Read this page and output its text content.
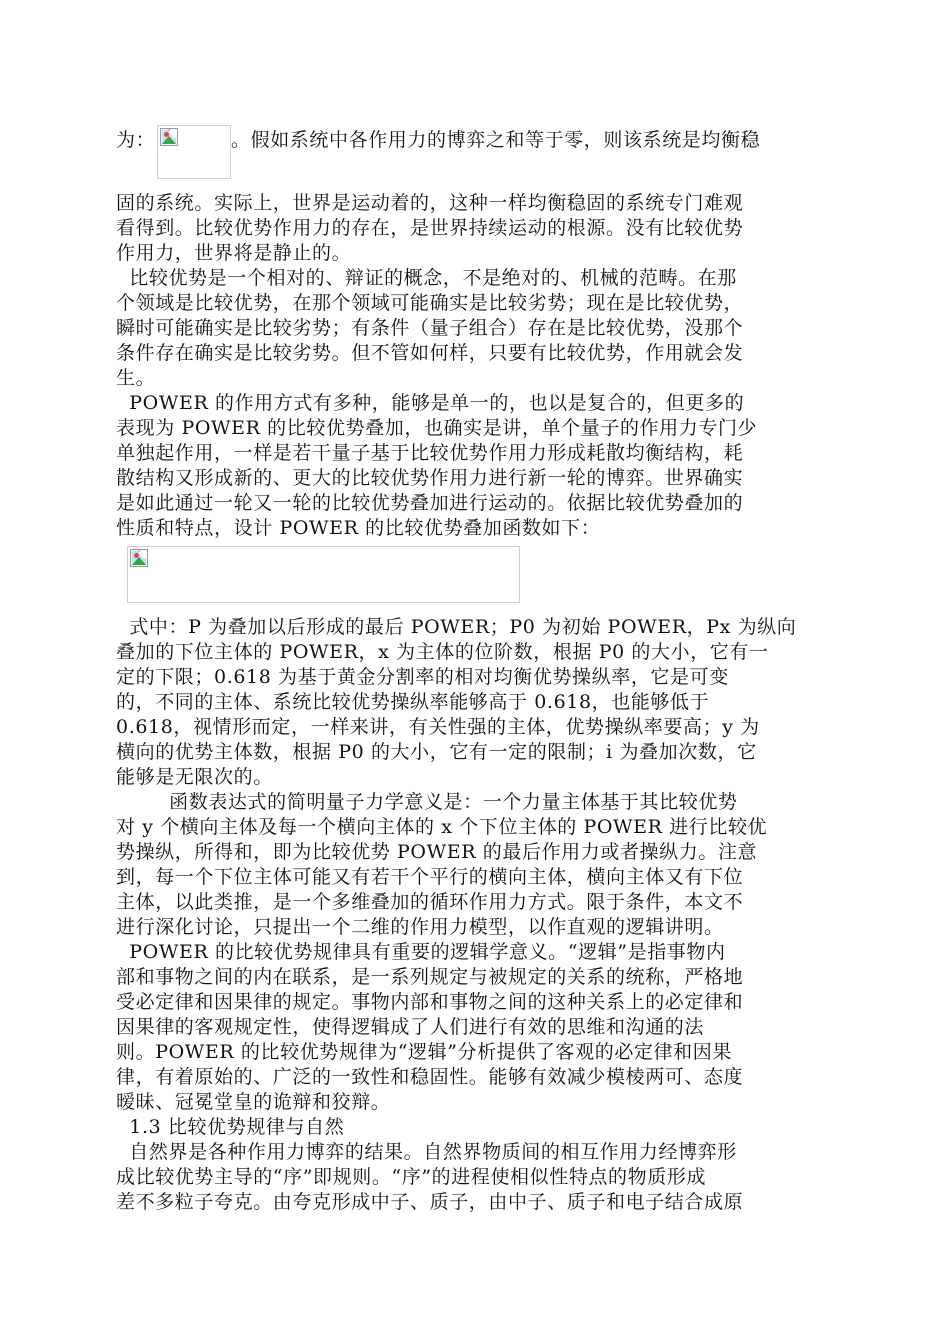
为：	。假如系统中各作用力的博弈之和等于零，则该系统是均衡稳
固的系统。实际上，世界是运动着的，这种一样均衡稳固的系统专门难观
看得到。比较优势作用力的存在，是世界持续运动的根源。没有比较优势
作用力，世界将是静止的。
比较优势是一个相对的、辩证的概念，不是绝对的、机械的范畴。在那
个领域是比较优势，在那个领域可能确实是比较劣势；现在是比较优势，
瞬时可能确实是比较劣势；有条件（量子组合）存在是比较优势，没那个
条件存在确实是比较劣势。但不管如何样，只要有比较优势，作用就会发
生。
POWER 的作用方式有多种，能够是单一的，也以是复合的，但更多的
表现为 POWER 的比较优势叠加，也确实是讲，单个量子的作用力专门少
单独起作用，一样是若干量子基于比较优势作用力形成耗散均衡结构，耗
散结构又形成新的、更大的比较优势作用力进行新一轮的博弈。世界确实
是如此通过一轮又一轮的比较优势叠加进行运动的。依据比较优势叠加的
性质和特点，设计 POWER 的比较优势叠加函数如下：
式中：P 为叠加以后形成的最后 POWER；P0 为初始 POWER，Px 为纵向
叠加的下位主体的 POWER，x 为主体的位阶数，根据 P0 的大小，它有一
定的下限；0.618 为基于黄金分割率的相对均衡优势操纵率，它是可变
的，不同的主体、系统比较优势操纵率能够高于 0.618，也能够低于
0.618，视情形而定，一样来讲，有关性强的主体，优势操纵率要高；y 为
横向的优势主体数，根据 P0 的大小，它有一定的限制；i 为叠加次数，它
能够是无限次的。
函数表达式的简明量子力学意义是：一个力量主体基于其比较优势
对 y 个横向主体及每一个横向主体的 x 个下位主体的 POWER 进行比较优
势操纵，所得和，即为比较优势 POWER 的最后作用力或者操纵力。注意
到，每一个下位主体可能又有若干个平行的横向主体，横向主体又有下位
主体，以此类推，是一个多维叠加的循环作用力方式。限于条件，本文不
进行深化讨论，只提出一个二维的作用力模型，以作直观的逻辑讲明。
POWER 的比较优势规律具有重要的逻辑学意义。“逻辑”是指事物内
部和事物之间的内在联系，是一系列规定与被规定的关系的统称，严格地
受必定律和因果律的规定。事物内部和事物之间的这种关系上的必定律和
因果律的客观规定性，使得逻辑成了人们进行有效的思维和沟通的法
则。POWER 的比较优势规律为“逻辑”分析提供了客观的必定律和因果
律，有着原始的、广泛的一致性和稳固性。能够有效减少模棱两可、态度
暧昧、冠冕堂皇的诡辩和狡辩。
1.3 比较优势规律与自然
自然界是各种作用力博弈的结果。自然界物质间的相互作用力经博弈形
成比较优势主导的“序”即规则。“序”的进程使相似性特点的物质形成
差不多粒子夸克。由夸克形成中子、质子，由中子、质子和电子结合成原
